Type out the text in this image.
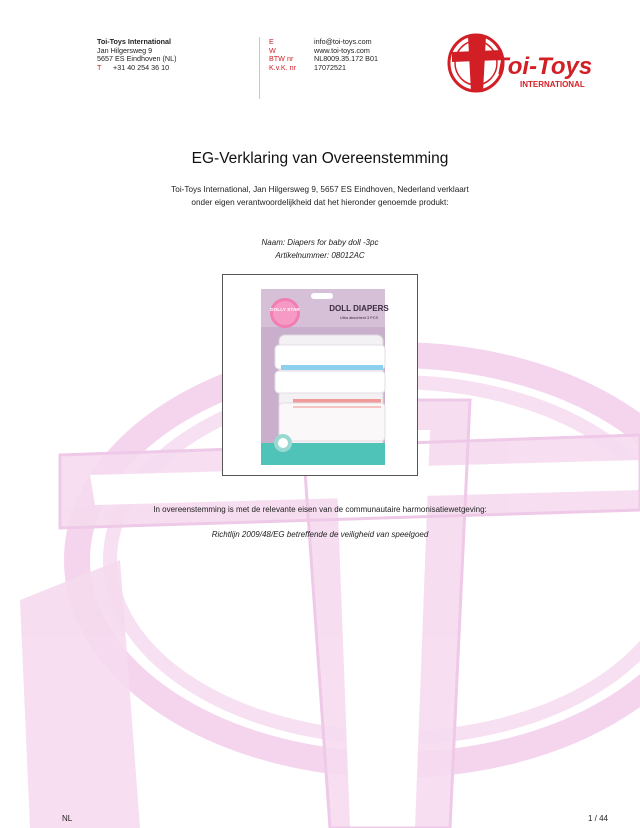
Toi-Toys International
Jan Hilgersweg 9
5657 ES Eindhoven (NL)
T +31 40 254 36 10
E	info@toi-toys.com
W	www.toi-toys.com
BTW nr	NL8009.35.172 B01
K.v.K. nr	17072521	Toi-Toys
INTERNATIONAL
EG-Verklaring van Overeenstemming
Toi-Toys International, Jan Hilgersweg 9, 5657 ES Eindhoven, Nederland verklaart
onder eigen verantwoordelijkheid dat het hieronder genoemde produkt:
Naam: Diapers for baby doll -3pc
Artikelnummer: 08012AC
DOLLY STAR	DOLL DIAPERS
Ultra absorbent 3 PCS
In overeenstemming is met de relevante eisen van de communautaire harmonisatiewetgeving:
Richtlijn 2009/48/EG betreffende de veiligheid van speelgoed
NL	1 / 44
